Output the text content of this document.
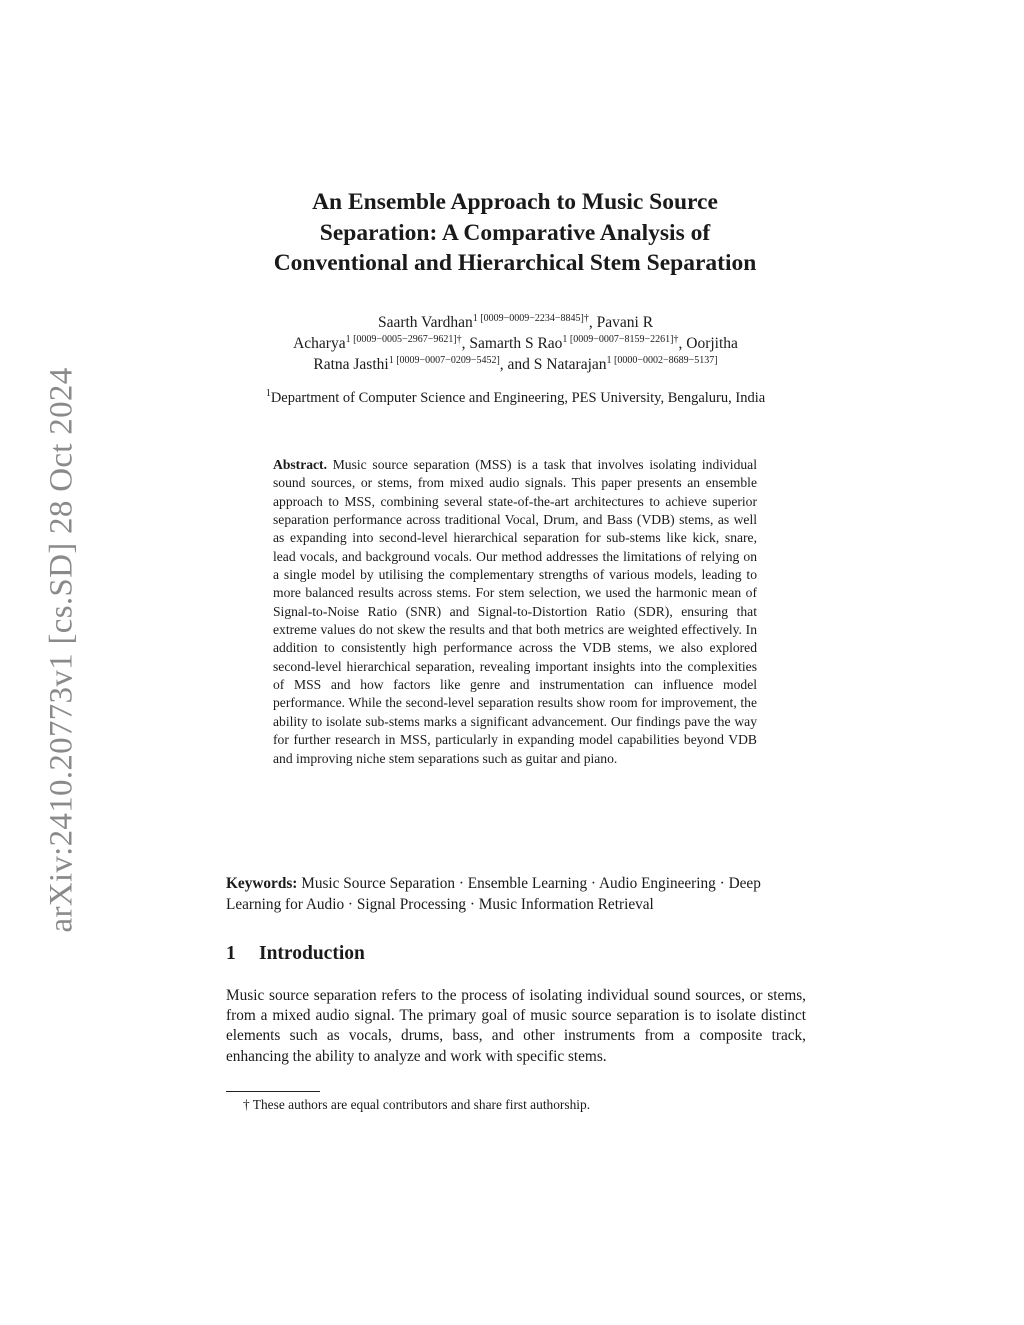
arXiv:2410.20773v1 [cs.SD] 28 Oct 2024
An Ensemble Approach to Music Source
Separation: A Comparative Analysis of
Conventional and Hierarchical Stem Separation
Saarth Vardhan$^{1 [0009-0009-2234-8845]\dagger}$, Pavani R
Acharya$^{1 [0009-0005-2967-9621]\dagger}$, Samarth S Rao$^{1 [0009-0007-8159-2261]\dagger}$, Oorjitha
Ratna Jasthi$^{1 [0009-0007-0209-5452]}$, and S Natarajan$^{1 [0000-0002-8689-5137]}$
$^1$Department of Computer Science and Engineering, PES University, Bengaluru, India
Abstract. Music source separation (MSS) is a task that involves isolating individual sound sources, or stems, from mixed audio signals. This paper presents an ensemble approach to MSS, combining several state-of-the-art architectures to achieve superior separation performance across traditional Vocal, Drum, and Bass (VDB) stems, as well as expanding into second-level hierarchical separation for sub-stems like kick, snare, lead vocals, and background vocals. Our method addresses the limitations of relying on a single model by utilising the complementary strengths of various models, leading to more balanced results across stems. For stem selection, we used the harmonic mean of Signal-to-Noise Ratio (SNR) and Signal-to-Distortion Ratio (SDR), ensuring that extreme values do not skew the results and that both metrics are weighted effectively. In addition to consistently high performance across the VDB stems, we also explored second-level hierarchical separation, revealing important insights into the complexities of MSS and how factors like genre and instrumentation can influence model performance. While the second-level separation results show room for improvement, the ability to isolate sub-stems marks a significant advancement. Our findings pave the way for further research in MSS, particularly in expanding model capabilities beyond VDB and improving niche stem separations such as guitar and piano.
Keywords: Music Source Separation · Ensemble Learning · Audio Engineering · Deep Learning for Audio · Signal Processing · Music Information Retrieval
1 Introduction
Music source separation refers to the process of isolating individual sound sources, or stems, from a mixed audio signal. The primary goal of music source separation is to isolate distinct elements such as vocals, drums, bass, and other instruments from a composite track, enhancing the ability to analyze and work with specific stems.
† These authors are equal contributors and share first authorship.
